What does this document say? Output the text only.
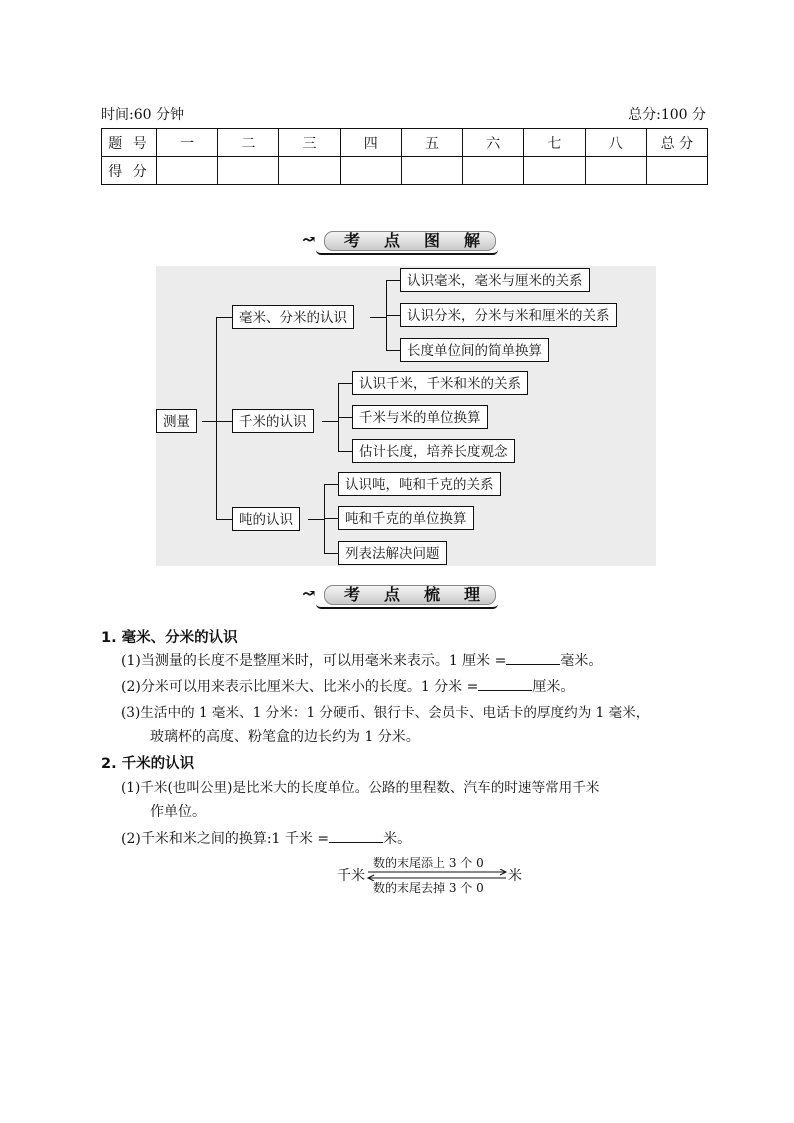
时间:60 分钟	总分:100 分
题 号	一	二	三	四	五	六	七	八	总 分
得 分									
↝ 考 点 图 解
测量
毫米、分米的认识
千米的认识
吨的认识
认识毫米，毫米与厘米的关系
认识分米，分米与米和厘米的关系
长度单位间的简单换算
认识千米，千米和米的关系
千米与米的单位换算
估计长度，培养长度观念
认识吨，吨和千克的关系
吨和千克的单位换算
列表法解决问题
↝ 考 点 梳 理
1. 毫米、分米的认识
(1)当测量的长度不是整厘米时，可以用毫米来表示。1 厘米 =	毫米。
(2)分米可以用来表示比厘米大、比米小的长度。1 分米 =	厘米。
(3)生活中的 1 毫米、1 分米：1 分硬币、银行卡、会员卡、电话卡的厚度约为 1 毫米，
玻璃杯的高度、粉笔盒的边长约为 1 分米。
2. 千米的认识
(1)千米(也叫公里)是比米大的长度单位。公路的里程数、汽车的时速等常用千米
作单位。
(2)千米和米之间的换算:1 千米 =	米。
千米
数的末尾添上 3 个 0
数的末尾去掉 3 个 0
米
